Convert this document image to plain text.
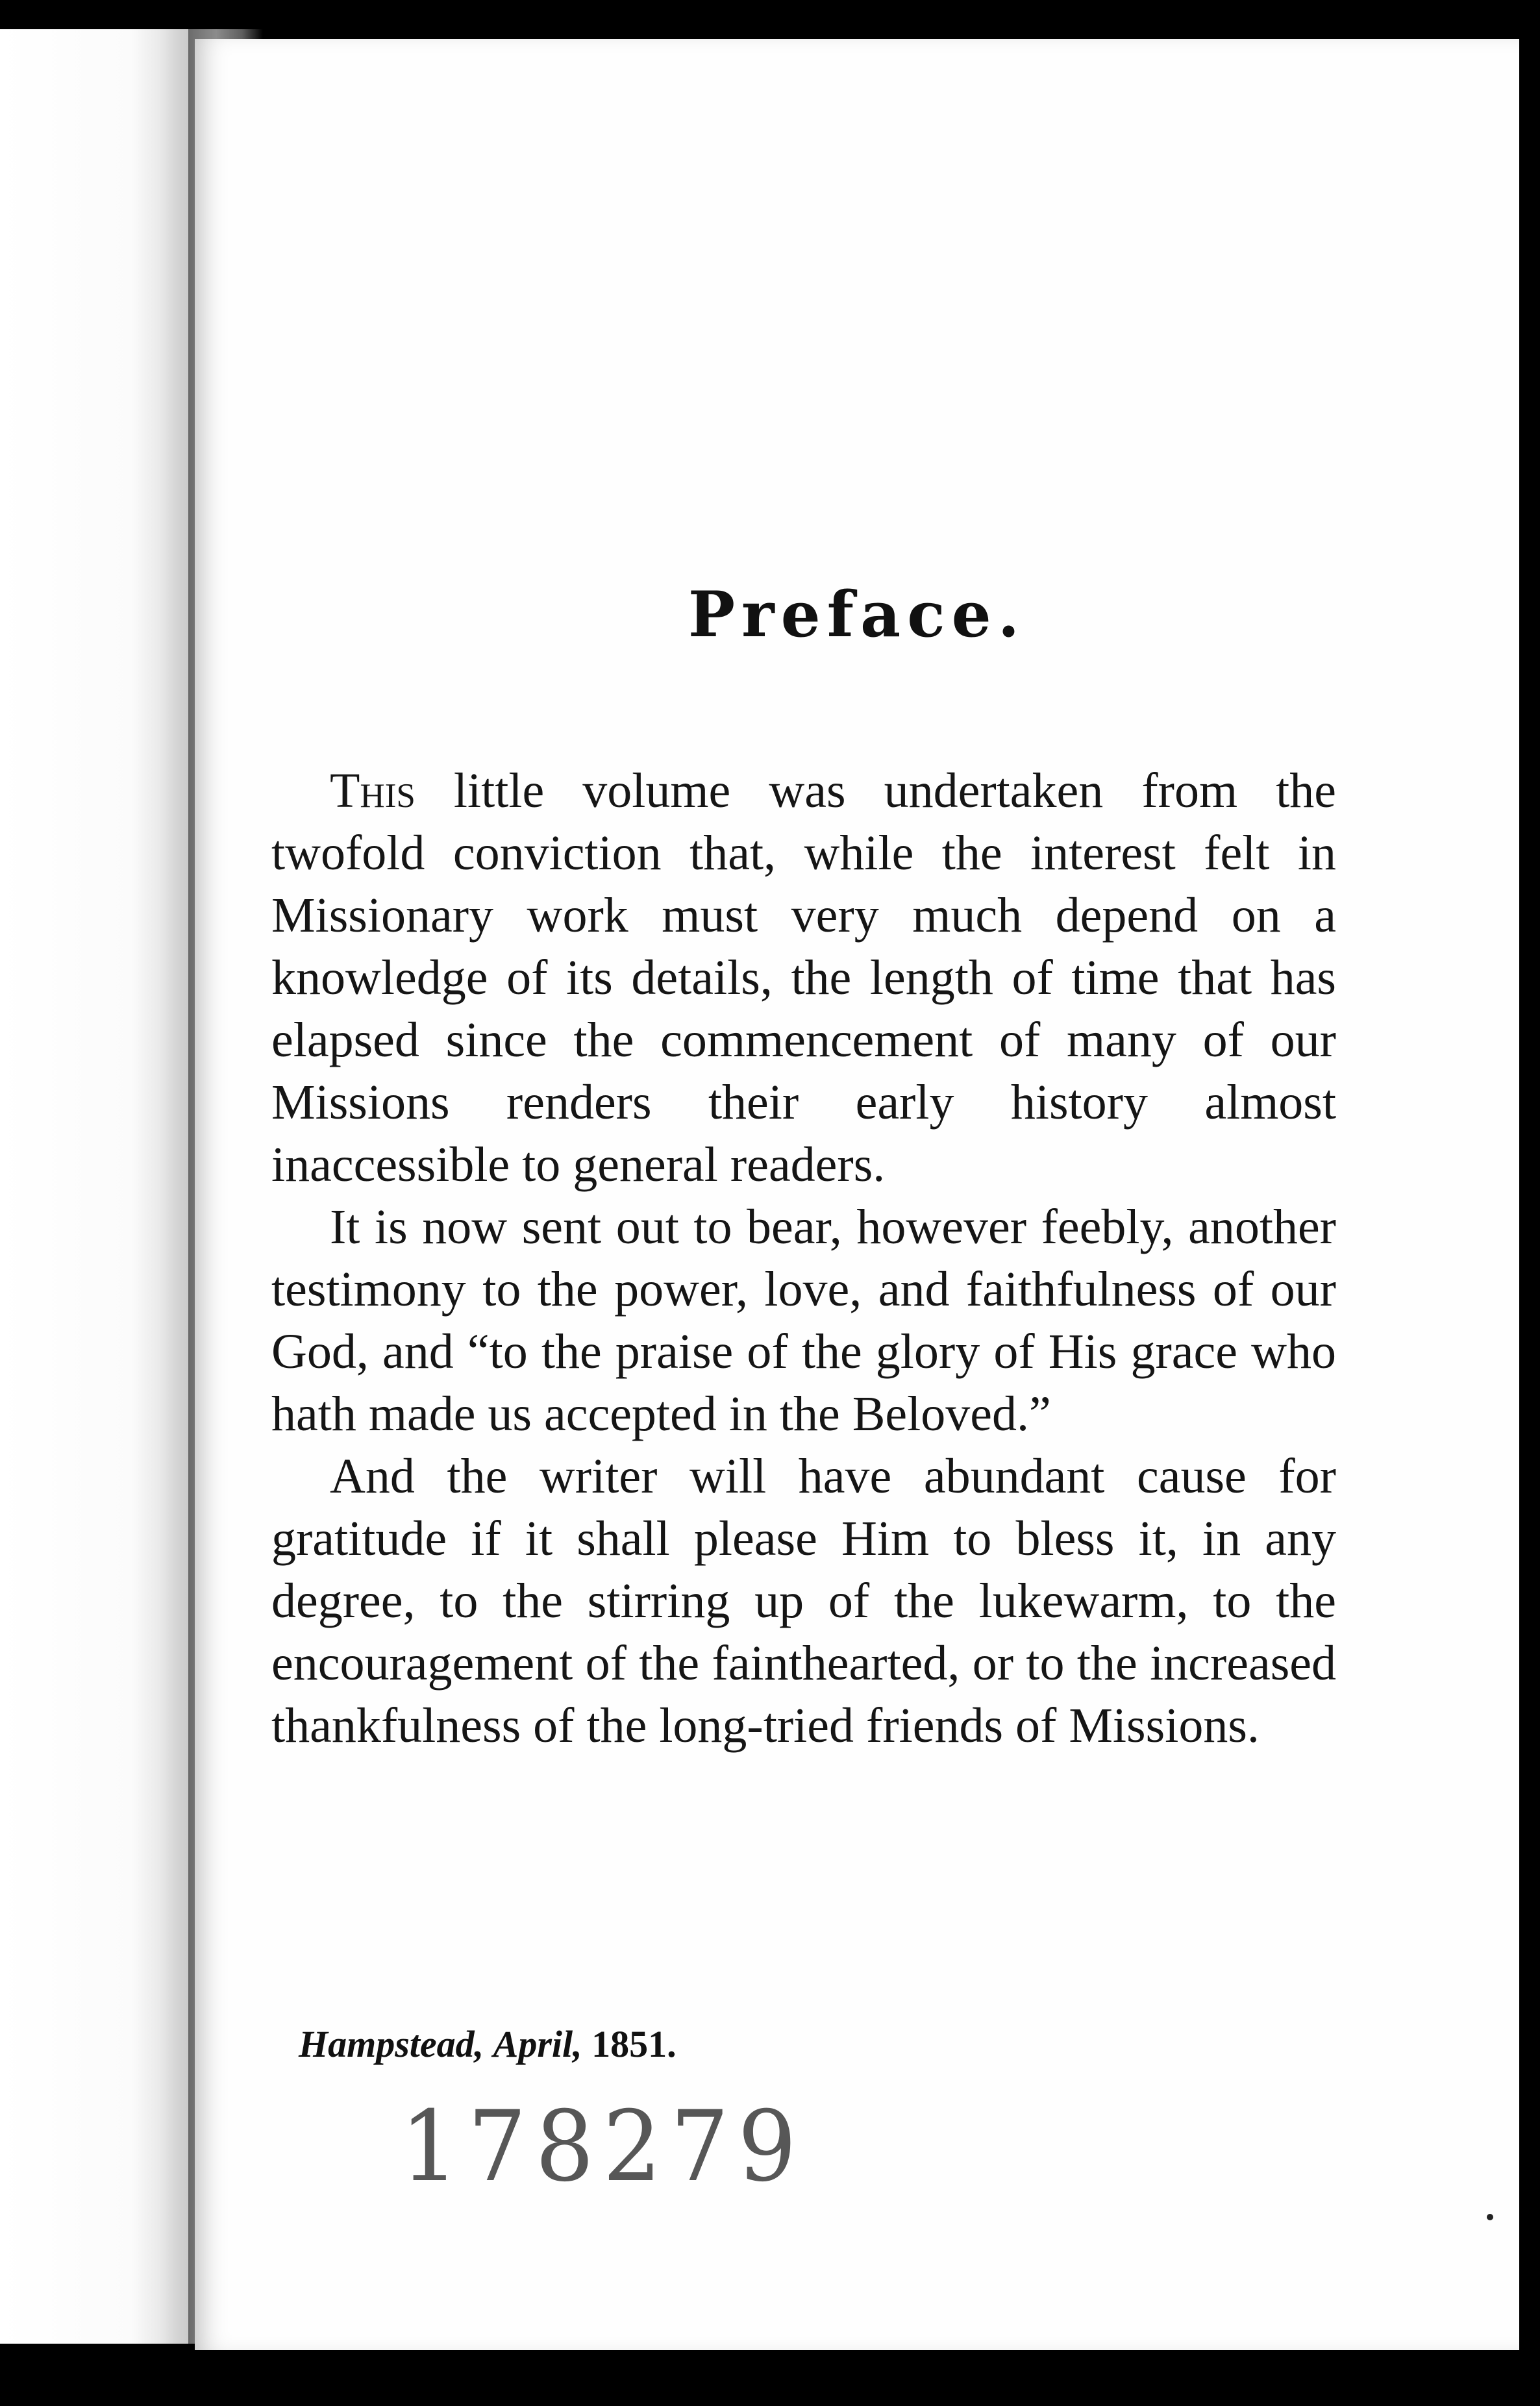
Preface.

This little volume was undertaken from the twofold conviction that, while the interest felt in Missionary work must very much depend on a knowledge of its details, the length of time that has elapsed since the commencement of many of our Missions renders their early history almost inaccessible to general readers.

It is now sent out to bear, however feebly, another testimony to the power, love, and faithfulness of our God, and “to the praise of the glory of His grace who hath made us accepted in the Beloved.”

And the writer will have abundant cause for gratitude if it shall please Him to bless it, in any degree, to the stirring up of the lukewarm, to the encouragement of the fainthearted, or to the increased thankfulness of the long-tried friends of Missions.

Hampstead, April, 1851.
178279
